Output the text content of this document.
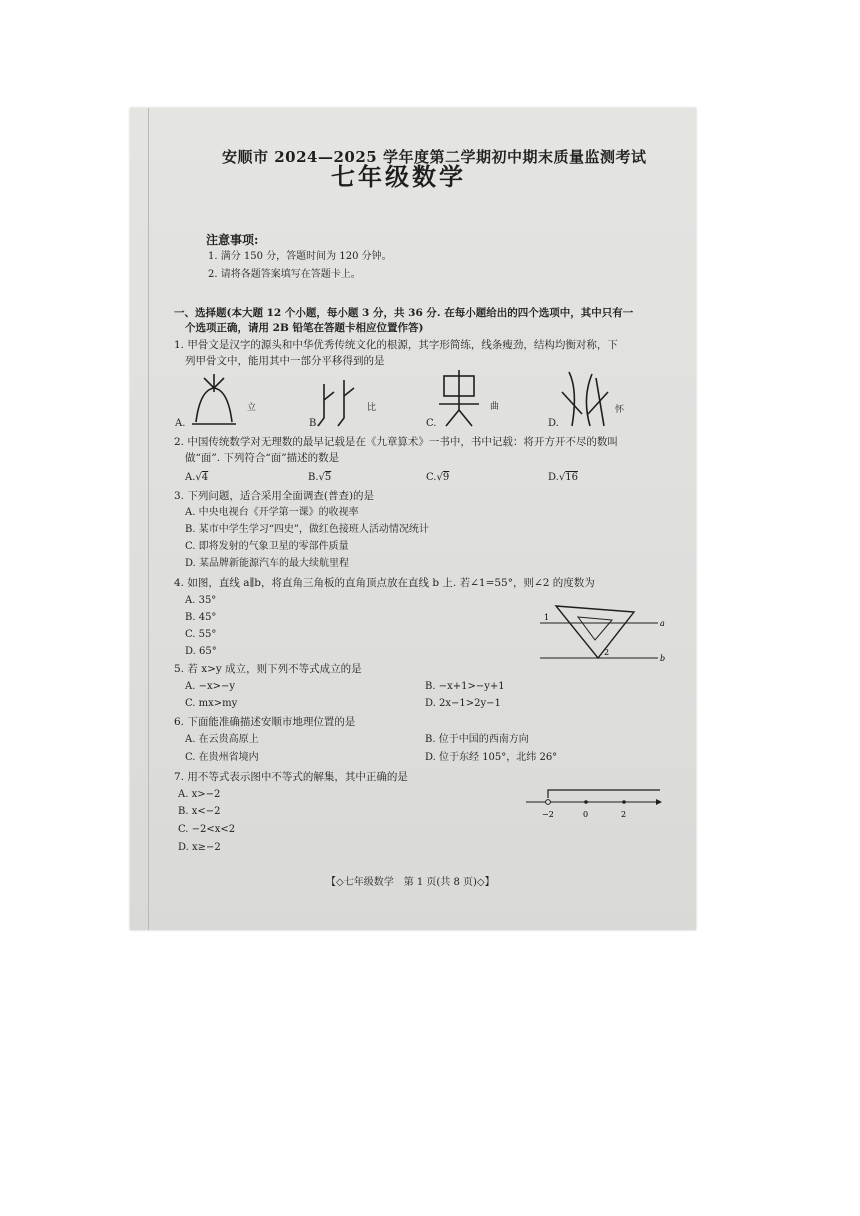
安顺市 2024—2025 学年度第二学期初中期末质量监测考试
七年级数学
注意事项:
1. 满分 150 分，答题时间为 120 分钟。
2. 请将各题答案填写在答题卡上。
一、选择题(本大题 12 个小题，每小题 3 分，共 36 分. 在每小题给出的四个选项中，其中只有一
个选项正确，请用 2B 铅笔在答题卡相应位置作答)
1. 甲骨文是汉字的源头和中华优秀传统文化的根源，其字形简练，线条瘦劲，结构均衡对称，下
列甲骨文中，能用其中一部分平移得到的是
A.
立
B.
比
C.
曲
D.
怀
2. 中国传统数学对无理数的最早记载是在《九章算术》一书中，书中记载：将开方开不尽的数叫
做“面”. 下列符合“面”描述的数是
A.√4	B.√5	C.√9	D.√16
3. 下列问题，适合采用全面调查(普查)的是
A. 中央电视台《开学第一课》的收视率
B. 某市中学生学习“四史”，做红色接班人活动情况统计
C. 即将发射的气象卫星的零部件质量
D. 某品牌新能源汽车的最大续航里程
4. 如图，直线 a∥b，将直角三角板的直角顶点放在直线 b 上. 若∠1=55°，则∠2 的度数为
A. 35°
B. 45°
C. 55°
D. 65°
1
2
a
b
5. 若 x>y 成立，则下列不等式成立的是
A. −x>−y	B. −x+1>−y+1
C. mx>my	D. 2x−1>2y−1
6. 下面能准确描述安顺市地理位置的是
A. 在云贵高原上	B. 位于中国的西南方向
C. 在贵州省境内	D. 位于东经 105°，北纬 26°
7. 用不等式表示图中不等式的解集，其中正确的是
A. x>−2
B. x<−2
C. −2<x<2
D. x≥−2
−2	0	2
【◇七年级数学　第 1 页(共 8 页)◇】
